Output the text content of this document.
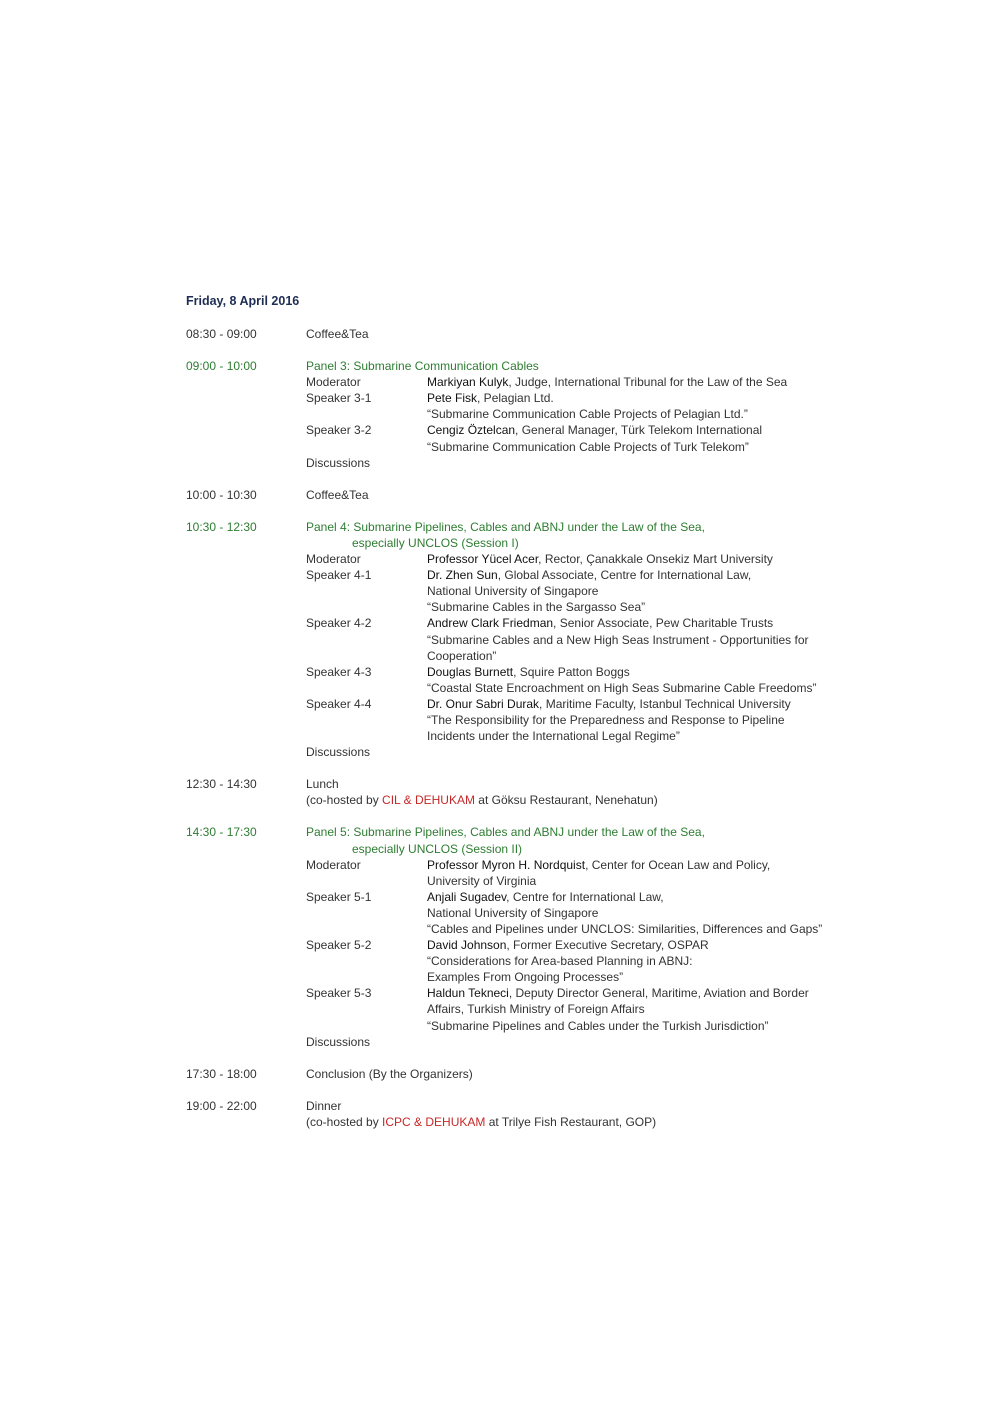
Friday, 8 April 2016
08:30 - 09:00	Coffee&Tea
09:00 - 10:00	Panel 3: Submarine Communication Cables
Moderator	Markiyan Kulyk, Judge, International Tribunal for the Law of the Sea
Speaker 3-1	Pete Fisk, Pelagian Ltd.
“Submarine Communication Cable Projects of Pelagian Ltd.”
Speaker 3-2	Cengiz Öztelcan, General Manager, Türk Telekom International
“Submarine Communication Cable Projects of Turk Telekom”
Discussions
10:00 - 10:30	Coffee&Tea
10:30 - 12:30	Panel 4: Submarine Pipelines, Cables and ABNJ under the Law of the Sea,
especially UNCLOS (Session I)
Moderator	Professor Yücel Acer, Rector, Çanakkale Onsekiz Mart University
Speaker 4-1	Dr. Zhen Sun, Global Associate, Centre for International Law,
National University of Singapore
“Submarine Cables in the Sargasso Sea”
Speaker 4-2	Andrew Clark Friedman, Senior Associate, Pew Charitable Trusts
“Submarine Cables and a New High Seas Instrument - Opportunities for
Cooperation”
Speaker 4-3	Douglas Burnett, Squire Patton Boggs
“Coastal State Encroachment on High Seas Submarine Cable Freedoms”
Speaker 4-4	Dr. Onur Sabri Durak, Maritime Faculty, Istanbul Technical University
“The Responsibility for the Preparedness and Response to Pipeline
Incidents under the International Legal Regime”
Discussions
12:30 - 14:30	Lunch
(co-hosted by CIL & DEHUKAM at Göksu Restaurant, Nenehatun)
14:30 - 17:30	Panel 5: Submarine Pipelines, Cables and ABNJ under the Law of the Sea,
especially UNCLOS (Session II)
Moderator	Professor Myron H. Nordquist, Center for Ocean Law and Policy,
University of Virginia
Speaker 5-1	Anjali Sugadev, Centre for International Law,
National University of Singapore
“Cables and Pipelines under UNCLOS: Similarities, Differences and Gaps”
Speaker 5-2	David Johnson, Former Executive Secretary, OSPAR
“Considerations for Area-based Planning in ABNJ:
Examples From Ongoing Processes”
Speaker 5-3	Haldun Tekneci, Deputy Director General, Maritime, Aviation and Border
Affairs, Turkish Ministry of Foreign Affairs
“Submarine Pipelines and Cables under the Turkish Jurisdiction”
Discussions
17:30 - 18:00	Conclusion (By the Organizers)
19:00 - 22:00	Dinner
(co-hosted by ICPC & DEHUKAM at Trilye Fish Restaurant, GOP)
